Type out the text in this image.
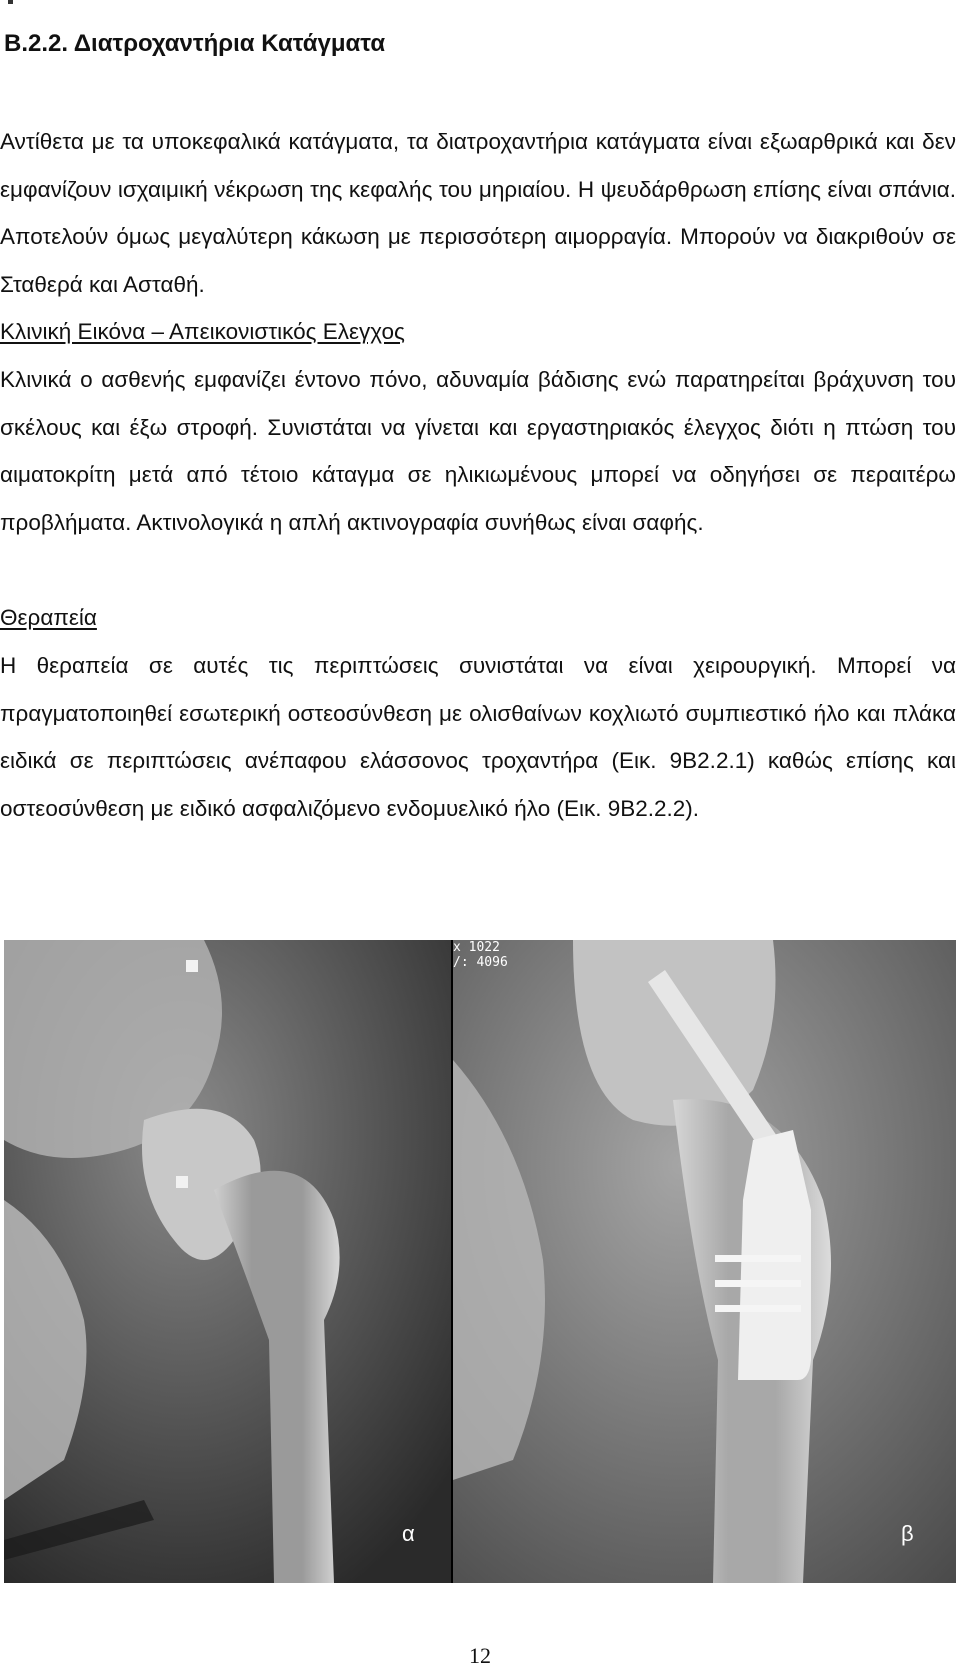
Β.2.2. Διατροχαντήρια Κατάγματα

Αντίθετα με τα υποκεφαλικά κατάγματα, τα διατροχαντήρια κατάγματα είναι εξωαρθρικά και δεν εμφανίζουν ισχαιμική νέκρωση της κεφαλής του μηριαίου. Η ψευδάρθρωση επίσης είναι σπάνια. Αποτελούν όμως μεγαλύτερη κάκωση με περισσότερη αιμορραγία. Μπορούν να διακριθούν σε Σταθερά και Ασταθή.

Κλινική Εικόνα – Απεικονιστικός Ελεγχος

Κλινικά ο ασθενής εμφανίζει έντονο πόνο, αδυναμία βάδισης ενώ παρατηρείται βράχυνση του σκέλους και έξω στροφή. Συνιστάται να γίνεται και εργαστηριακός έλεγχος διότι η πτώση του αιματοκρίτη μετά από τέτοιο κάταγμα σε ηλικιωμένους μπορεί να οδηγήσει σε περαιτέρω προβλήματα. Ακτινολογικά η απλή ακτινογραφία συνήθως είναι σαφής.

Θεραπεία

Η θεραπεία σε αυτές τις περιπτώσεις συνιστάται να είναι χειρουργική. Μπορεί να πραγματοποιηθεί εσωτερική οστεοσύνθεση με ολισθαίνων κοχλιωτό συμπιεστικό ήλο και πλάκα ειδικά σε περιπτώσεις ανέπαφου ελάσσονος τροχαντήρα (Εικ. 9Β2.2.1) καθώς επίσης και οστεοσύνθεση με ειδικό ασφαλιζόμενο ενδομυελικό ήλο (Εικ. 9Β2.2.2).

α
x 1022
/: 4096
β
12
